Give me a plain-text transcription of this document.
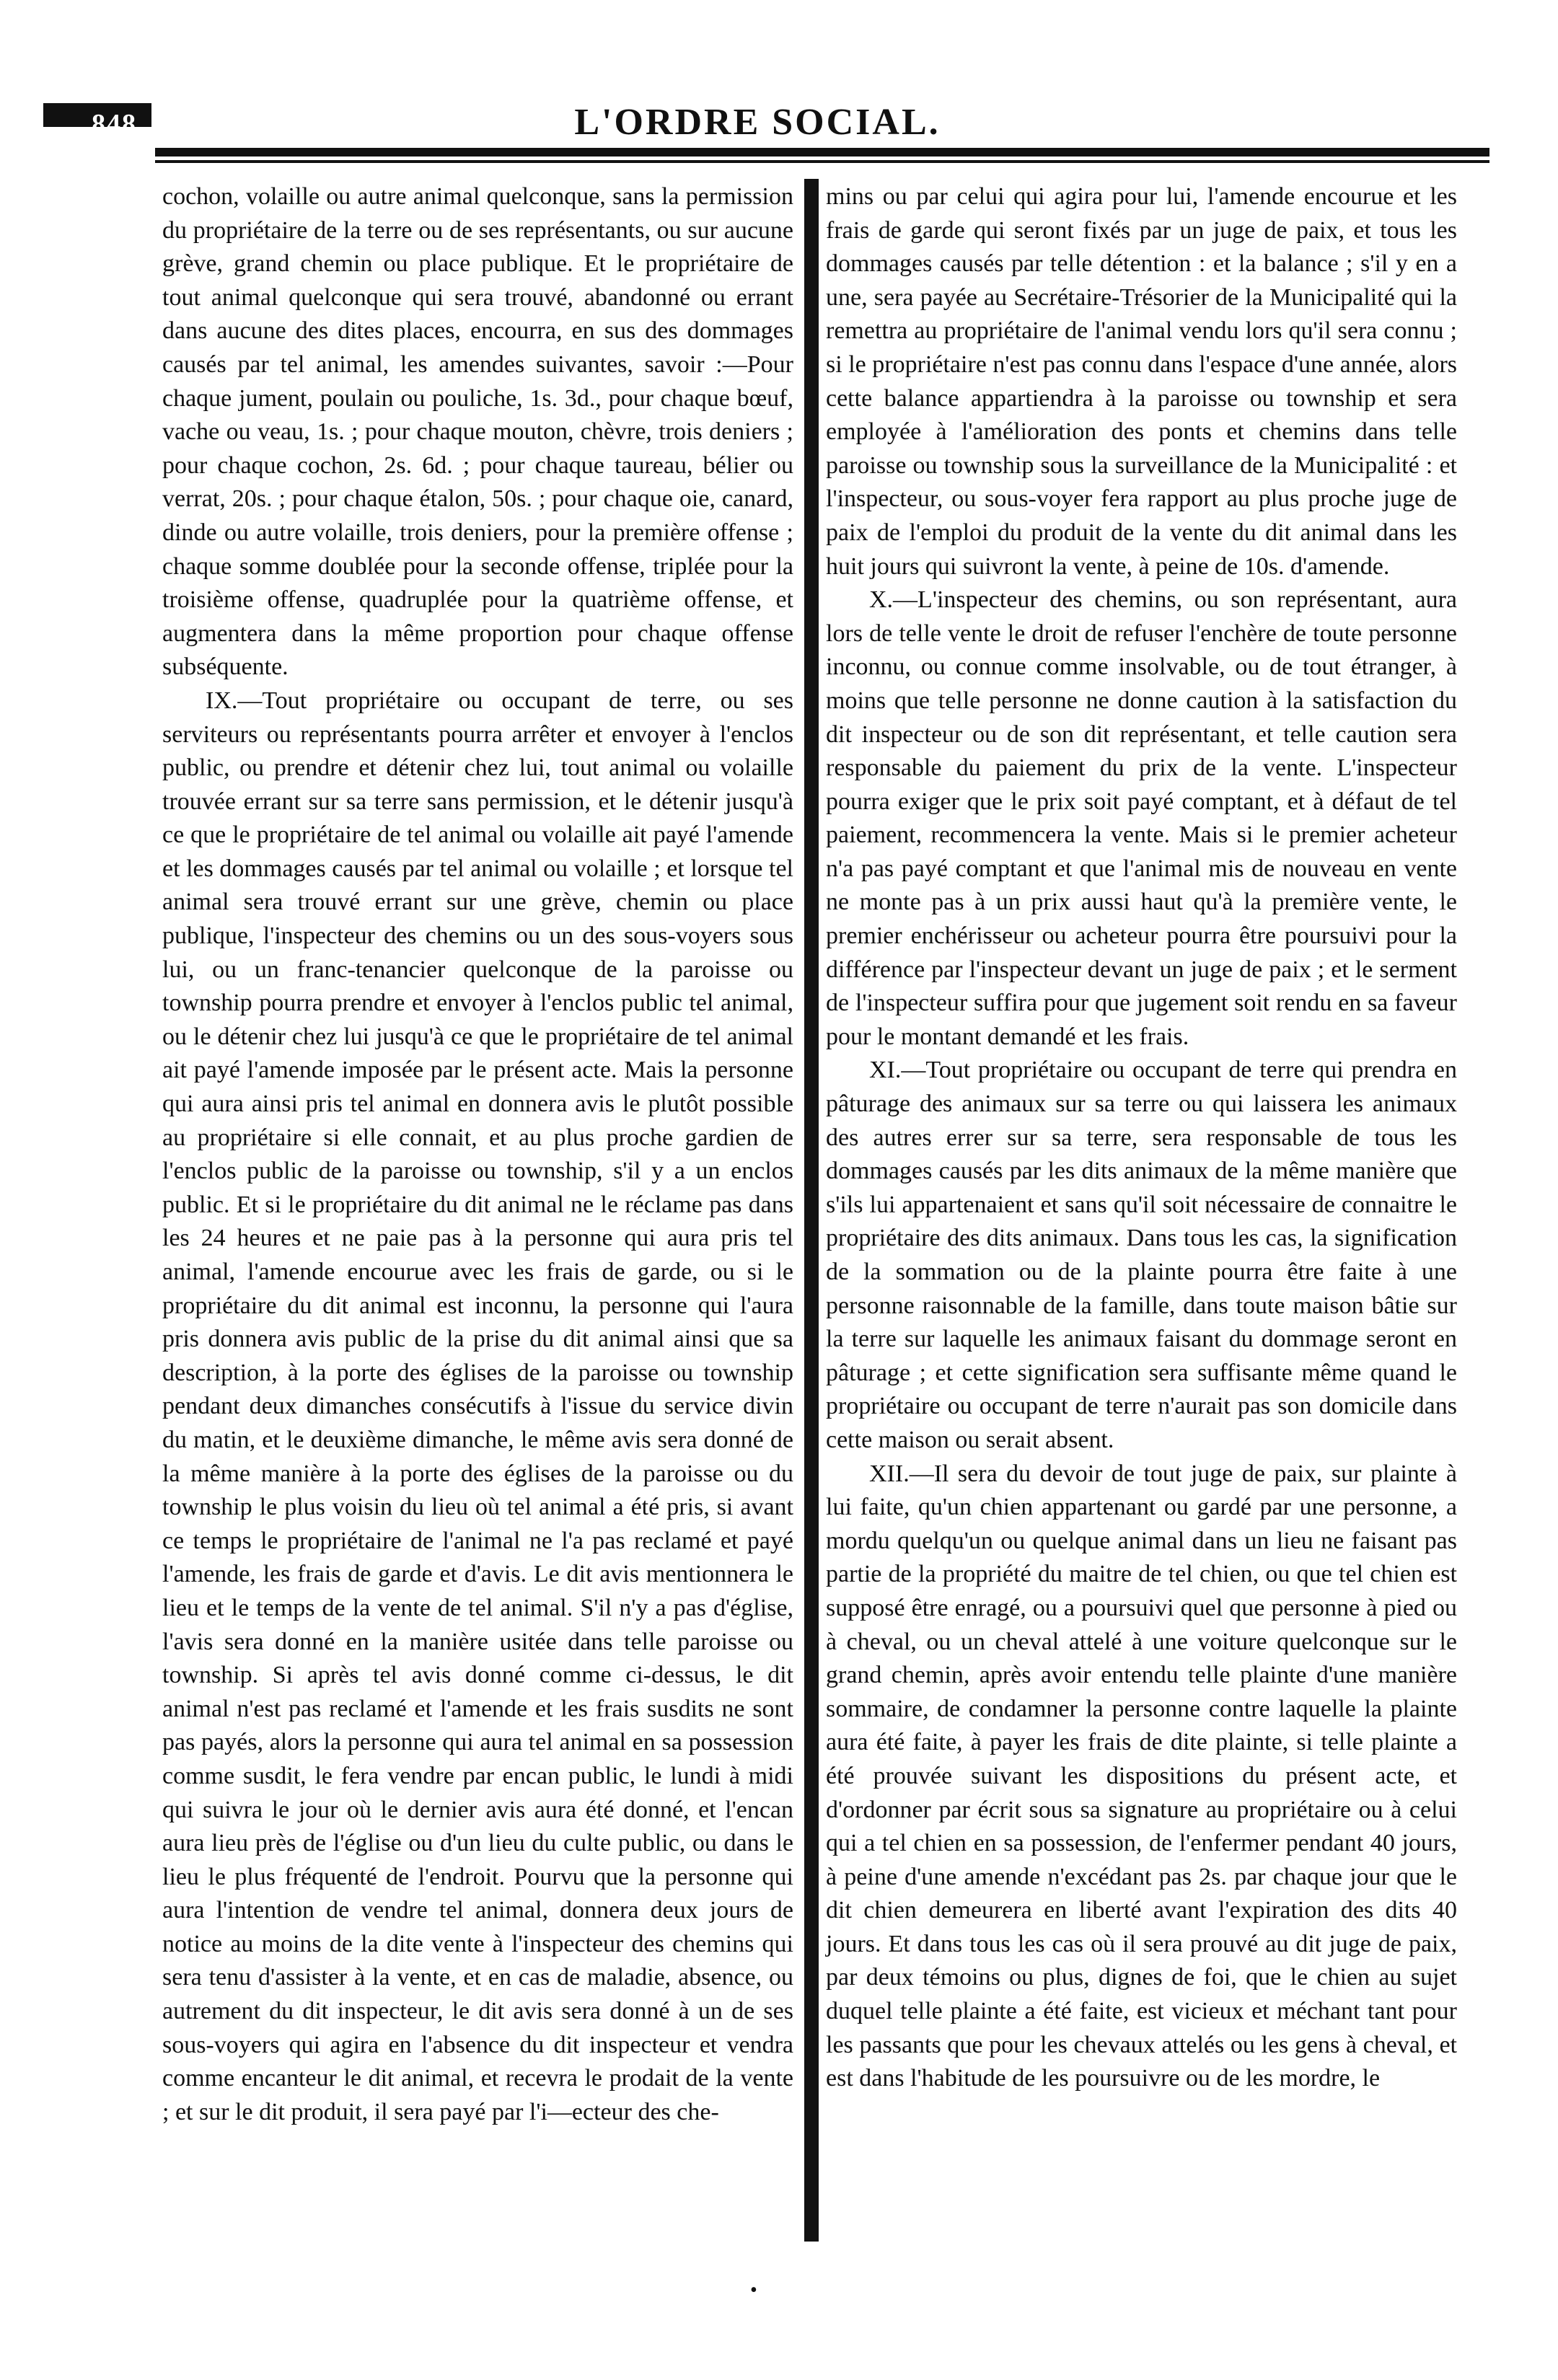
848	L'ORDRE SOCIAL.

cochon, volaille ou autre animal quelconque, sans la permission du propriétaire de la terre ou de ses représentants, ou sur aucune grève, grand chemin ou place publique. Et le propriétaire de tout animal quelconque qui sera trouvé, abandonné ou errant dans aucune des dites places, encourra, en sus des dommages causés par tel animal, les amendes suivantes, savoir :—Pour chaque jument, poulain ou pouliche, 1s. 3d., pour chaque bœuf, vache ou veau, 1s. ; pour chaque mouton, chèvre, trois deniers ; pour chaque cochon, 2s. 6d. ; pour chaque taureau, bélier ou verrat, 20s. ; pour chaque étalon, 50s. ; pour chaque oie, canard, dinde ou autre volaille, trois deniers, pour la première offense ; chaque somme doublée pour la seconde offense, triplée pour la troisième offense, quadruplée pour la quatrième offense, et augmentera dans la même proportion pour chaque offense subséquente.

IX.—Tout propriétaire ou occupant de terre, ou ses serviteurs ou représentants pourra arrêter et envoyer à l'enclos public, ou prendre et détenir chez lui, tout animal ou volaille trouvée errant sur sa terre sans permission, et le détenir jusqu'à ce que le propriétaire de tel animal ou volaille ait payé l'amende et les dommages causés par tel animal ou volaille ; et lorsque tel animal sera trouvé errant sur une grève, chemin ou place publique, l'inspecteur des chemins ou un des sous-voyers sous lui, ou un franc-tenancier quelconque de la paroisse ou township pourra prendre et envoyer à l'enclos public tel animal, ou le détenir chez lui jusqu'à ce que le propriétaire de tel animal ait payé l'amende imposée par le présent acte. Mais la personne qui aura ainsi pris tel animal en donnera avis le plutôt possible au propriétaire si elle connait, et au plus proche gardien de l'enclos public de la paroisse ou township, s'il y a un enclos public. Et si le propriétaire du dit animal ne le réclame pas dans les 24 heures et ne paie pas à la personne qui aura pris tel animal, l'amende encourue avec les frais de garde, ou si le propriétaire du dit animal est inconnu, la personne qui l'aura pris donnera avis public de la prise du dit animal ainsi que sa description, à la porte des églises de la paroisse ou township pendant deux dimanches consécutifs à l'issue du service divin du matin, et le deuxième dimanche, le même avis sera donné de la même manière à la porte des églises de la paroisse ou du township le plus voisin du lieu où tel animal a été pris, si avant ce temps le propriétaire de l'animal ne l'a pas reclamé et payé l'amende, les frais de garde et d'avis. Le dit avis mentionnera le lieu et le temps de la vente de tel animal. S'il n'y a pas d'église, l'avis sera donné en la manière usitée dans telle paroisse ou township. Si après tel avis donné comme ci-dessus, le dit animal n'est pas reclamé et l'amende et les frais susdits ne sont pas payés, alors la personne qui aura tel animal en sa possession comme susdit, le fera vendre par encan public, le lundi à midi qui suivra le jour où le dernier avis aura été donné, et l'encan aura lieu près de l'église ou d'un lieu du culte public, ou dans le lieu le plus fréquenté de l'endroit. Pourvu que la personne qui aura l'intention de vendre tel animal, donnera deux jours de notice au moins de la dite vente à l'inspecteur des chemins qui sera tenu d'assister à la vente, et en cas de maladie, absence, ou autrement du dit inspecteur, le dit avis sera donné à un de ses sous-voyers qui agira en l'absence du dit inspecteur et vendra comme encanteur le dit animal, et recevra le prodait de la vente ; et sur le dit produit, il sera payé par l'i—ecteur des che-

mins ou par celui qui agira pour lui, l'amende encourue et les frais de garde qui seront fixés par un juge de paix, et tous les dommages causés par telle détention : et la balance ; s'il y en a une, sera payée au Secrétaire-Trésorier de la Municipalité qui la remettra au propriétaire de l'animal vendu lors qu'il sera connu ; si le propriétaire n'est pas connu dans l'espace d'une année, alors cette balance appartiendra à la paroisse ou township et sera employée à l'amélioration des ponts et chemins dans telle paroisse ou township sous la surveillance de la Municipalité : et l'inspecteur, ou sous-voyer fera rapport au plus proche juge de paix de l'emploi du produit de la vente du dit animal dans les huit jours qui suivront la vente, à peine de 10s. d'amende.

X.—L'inspecteur des chemins, ou son représentant, aura lors de telle vente le droit de refuser l'enchère de toute personne inconnu, ou connue comme insolvable, ou de tout étranger, à moins que telle personne ne donne caution à la satisfaction du dit inspecteur ou de son dit représentant, et telle caution sera responsable du paiement du prix de la vente. L'inspecteur pourra exiger que le prix soit payé comptant, et à défaut de tel paiement, recommencera la vente. Mais si le premier acheteur n'a pas payé comptant et que l'animal mis de nouveau en vente ne monte pas à un prix aussi haut qu'à la première vente, le premier enchérisseur ou acheteur pourra être poursuivi pour la différence par l'inspecteur devant un juge de paix ; et le serment de l'inspecteur suffira pour que jugement soit rendu en sa faveur pour le montant demandé et les frais.

XI.—Tout propriétaire ou occupant de terre qui prendra en pâturage des animaux sur sa terre ou qui laissera les animaux des autres errer sur sa terre, sera responsable de tous les dommages causés par les dits animaux de la même manière que s'ils lui appartenaient et sans qu'il soit nécessaire de connaitre le propriétaire des dits animaux. Dans tous les cas, la signification de la sommation ou de la plainte pourra être faite à une personne raisonnable de la famille, dans toute maison bâtie sur la terre sur laquelle les animaux faisant du dommage seront en pâturage ; et cette signification sera suffisante même quand le propriétaire ou occupant de terre n'aurait pas son domicile dans cette maison ou serait absent.

XII.—Il sera du devoir de tout juge de paix, sur plainte à lui faite, qu'un chien appartenant ou gardé par une personne, a mordu quelqu'un ou quelque animal dans un lieu ne faisant pas partie de la propriété du maitre de tel chien, ou que tel chien est supposé être enragé, ou a poursuivi quel que personne à pied ou à cheval, ou un cheval attelé à une voiture quelconque sur le grand chemin, après avoir entendu telle plainte d'une manière sommaire, de condamner la personne contre laquelle la plainte aura été faite, à payer les frais de dite plainte, si telle plainte a été prouvée suivant les dispositions du présent acte, et d'ordonner par écrit sous sa signature au propriétaire ou à celui qui a tel chien en sa possession, de l'enfermer pendant 40 jours, à peine d'une amende n'excédant pas 2s. par chaque jour que le dit chien demeurera en liberté avant l'expiration des dits 40 jours. Et dans tous les cas où il sera prouvé au dit juge de paix, par deux témoins ou plus, dignes de foi, que le chien au sujet duquel telle plainte a été faite, est vicieux et méchant tant pour les passants que pour les chevaux attelés ou les gens à cheval, et est dans l'habitude de les poursuivre ou de les mordre, le

•
